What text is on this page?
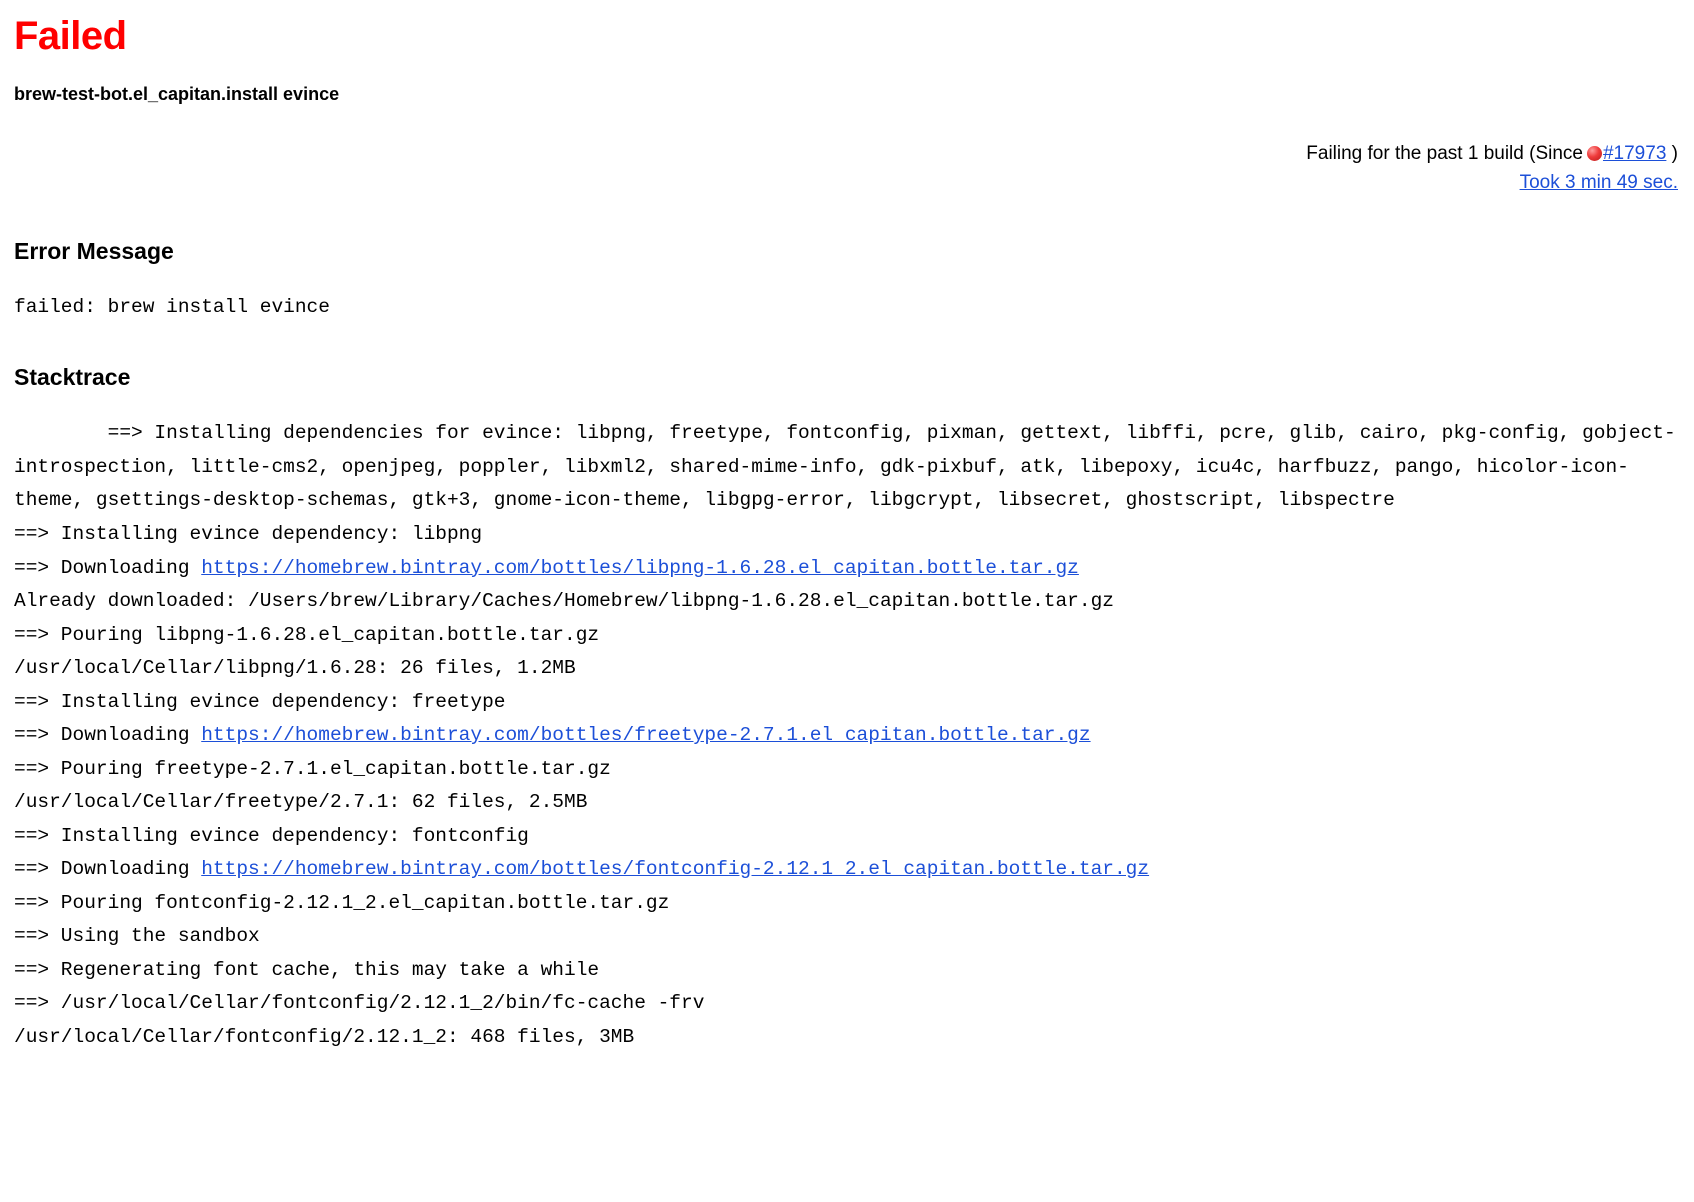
Failed
brew-test-bot.el_capitan.install evince
Failing for the past 1 build (Since #17973 )
Took 3 min 49 sec.
Error Message
failed: brew install evince
Stacktrace
==> Installing dependencies for evince: libpng, freetype, fontconfig, pixman, gettext, libffi, pcre, glib, cairo, pkg-config, gobject-introspection, little-cms2, openjpeg, poppler, libxml2, shared-mime-info, gdk-pixbuf, atk, libepoxy, icu4c, harfbuzz, pango, hicolor-icon-theme, gsettings-desktop-schemas, gtk+3, gnome-icon-theme, libgpg-error, libgcrypt, libsecret, ghostscript, libspectre
==> Installing evince dependency: libpng
==> Downloading https://homebrew.bintray.com/bottles/libpng-1.6.28.el_capitan.bottle.tar.gz
Already downloaded: /Users/brew/Library/Caches/Homebrew/libpng-1.6.28.el_capitan.bottle.tar.gz
==> Pouring libpng-1.6.28.el_capitan.bottle.tar.gz
/usr/local/Cellar/libpng/1.6.28: 26 files, 1.2MB
==> Installing evince dependency: freetype
==> Downloading https://homebrew.bintray.com/bottles/freetype-2.7.1.el_capitan.bottle.tar.gz
==> Pouring freetype-2.7.1.el_capitan.bottle.tar.gz
/usr/local/Cellar/freetype/2.7.1: 62 files, 2.5MB
==> Installing evince dependency: fontconfig
==> Downloading https://homebrew.bintray.com/bottles/fontconfig-2.12.1_2.el_capitan.bottle.tar.gz
==> Pouring fontconfig-2.12.1_2.el_capitan.bottle.tar.gz
==> Using the sandbox
==> Regenerating font cache, this may take a while
==> /usr/local/Cellar/fontconfig/2.12.1_2/bin/fc-cache -frv
/usr/local/Cellar/fontconfig/2.12.1_2: 468 files, 3MB
